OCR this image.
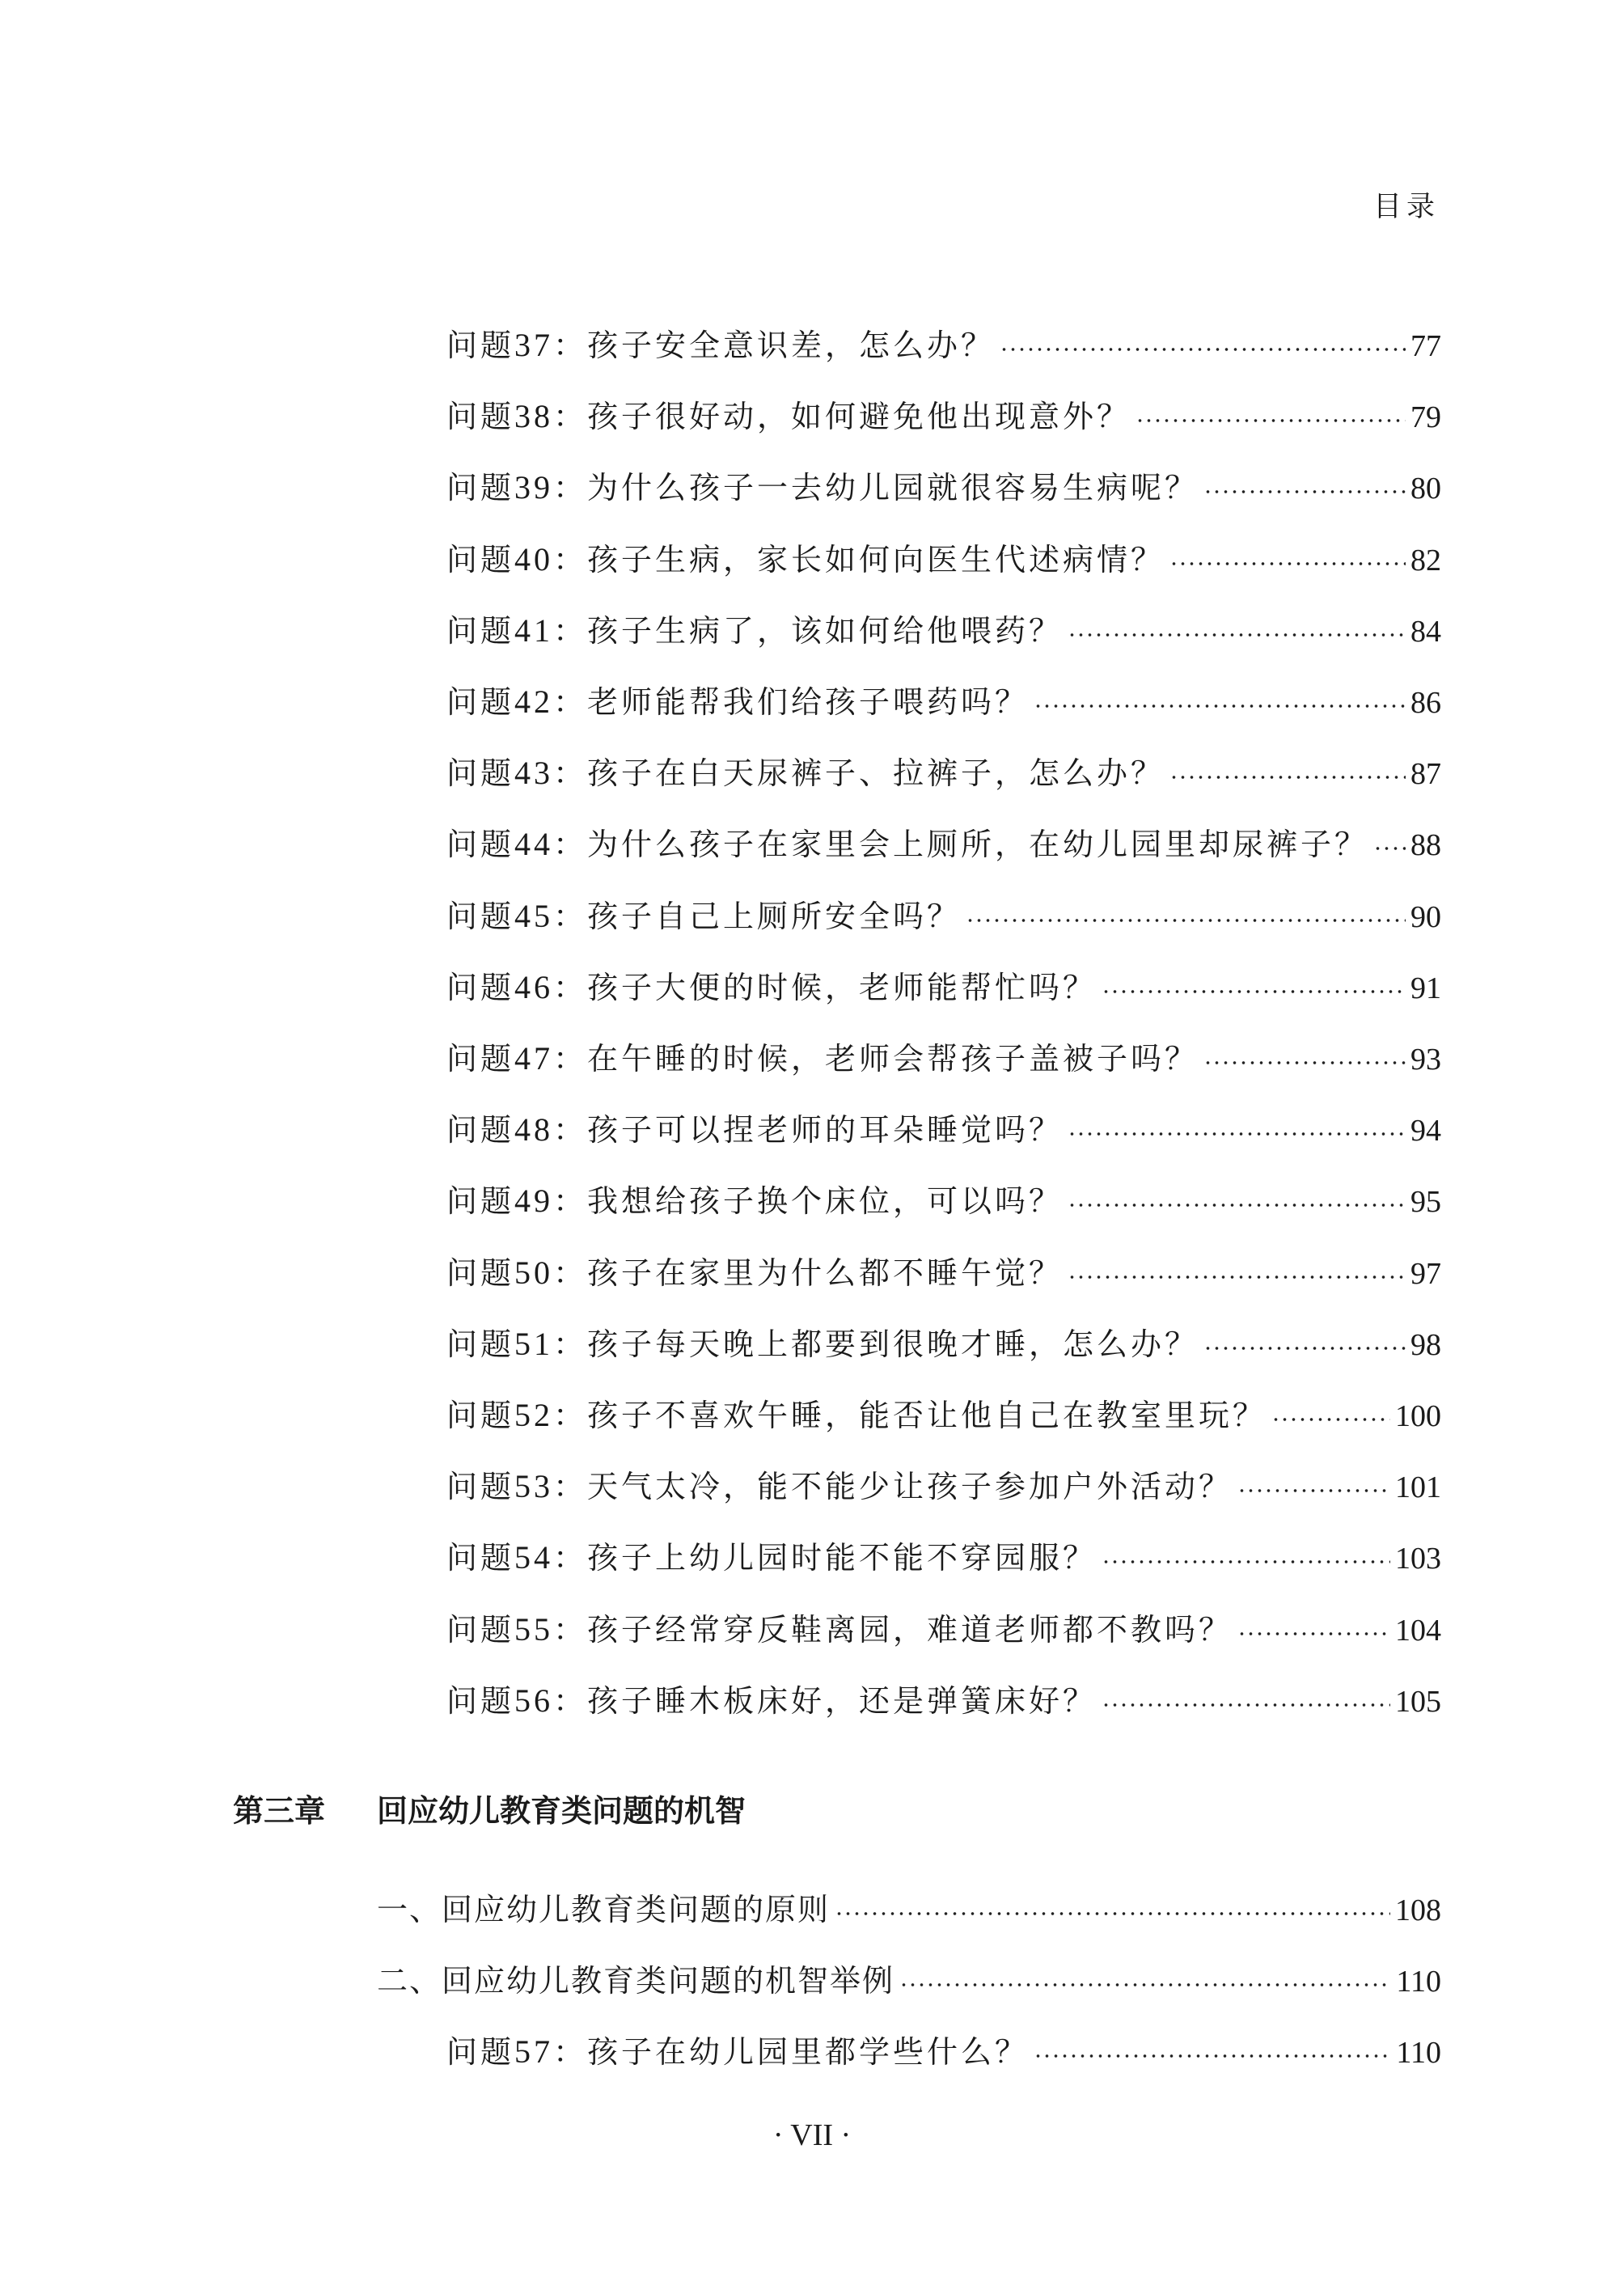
目录
问题37：孩子安全意识差，怎么办？	77
问题38：孩子很好动，如何避免他出现意外？	79
问题39：为什么孩子一去幼儿园就很容易生病呢？	80
问题40：孩子生病，家长如何向医生代述病情？	82
问题41：孩子生病了，该如何给他喂药？	84
问题42：老师能帮我们给孩子喂药吗？	86
问题43：孩子在白天尿裤子、拉裤子，怎么办？	87
问题44：为什么孩子在家里会上厕所，在幼儿园里却尿裤子？ 88
问题45：孩子自己上厕所安全吗？	90
问题46：孩子大便的时候，老师能帮忙吗？	91
问题47：在午睡的时候，老师会帮孩子盖被子吗？	93
问题48：孩子可以捏老师的耳朵睡觉吗？	94
问题49：我想给孩子换个床位，可以吗？	95
问题50：孩子在家里为什么都不睡午觉？	97
问题51：孩子每天晚上都要到很晚才睡，怎么办？	98
问题52：孩子不喜欢午睡，能否让他自己在教室里玩？	100
问题53：天气太冷，能不能少让孩子参加户外活动？	101
问题54：孩子上幼儿园时能不能不穿园服？	103
问题55：孩子经常穿反鞋离园，难道老师都不教吗？	104
问题56：孩子睡木板床好，还是弹簧床好？	105
一、回应幼儿教育类问题的原则	108
二、回应幼儿教育类问题的机智举例	110
问题57：孩子在幼儿园里都学些什么？	110
第三章	回应幼儿教育类问题的机智
· VII ·
